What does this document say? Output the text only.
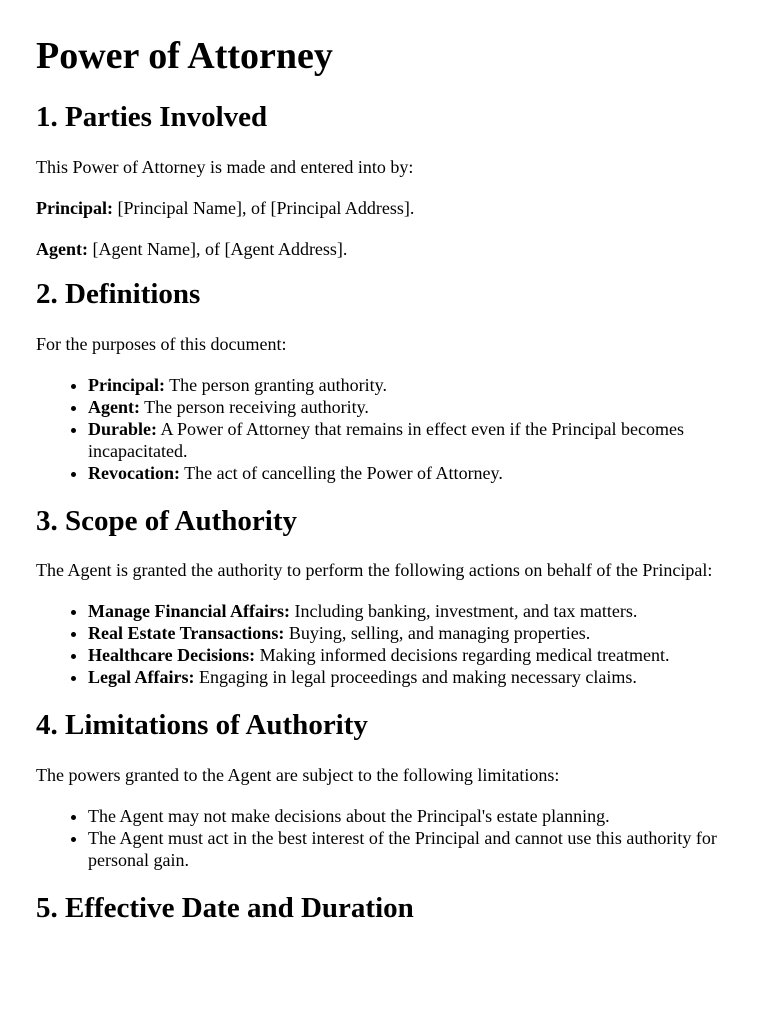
Power of Attorney
1. Parties Involved

This Power of Attorney is made and entered into by:

Principal: [Principal Name], of [Principal Address].

Agent: [Agent Name], of [Agent Address].

2. Definitions

For the purposes of this document:

• Principal: The person granting authority.
• Agent: The person receiving authority.
• Durable: A Power of Attorney that remains in effect even if the Principal becomes incapacitated.
• Revocation: The act of cancelling the Power of Attorney.
3. Scope of Authority

The Agent is granted the authority to perform the following actions on behalf of the Principal:

• Manage Financial Affairs: Including banking, investment, and tax matters.
• Real Estate Transactions: Buying, selling, and managing properties.
• Healthcare Decisions: Making informed decisions regarding medical treatment.
• Legal Affairs: Engaging in legal proceedings and making necessary claims.
4. Limitations of Authority

The powers granted to the Agent are subject to the following limitations:

• The Agent may not make decisions about the Principal's estate planning.
• The Agent must act in the best interest of the Principal and cannot use this authority for personal gain.
5. Effective Date and Duration
